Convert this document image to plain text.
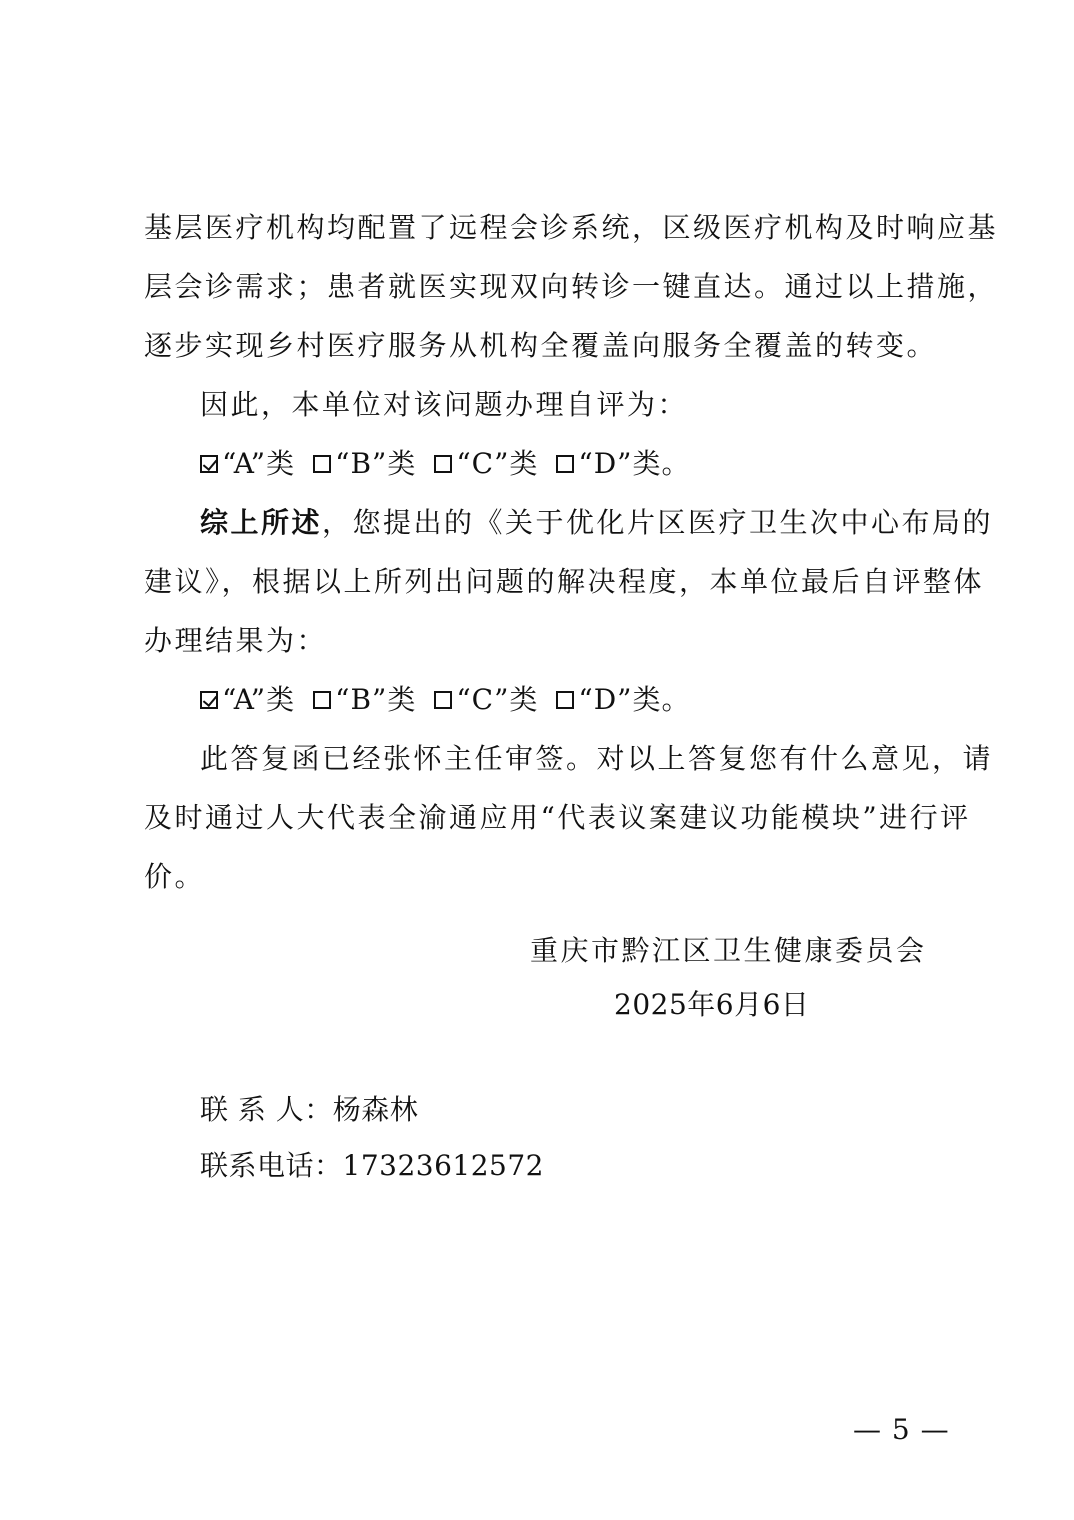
基层医疗机构均配置了远程会诊系统，区级医疗机构及时响应基
层会诊需求；患者就医实现双向转诊一键直达。通过以上措施，
逐步实现乡村医疗服务从机构全覆盖向服务全覆盖的转变。
因此，本单位对该问题办理自评为：
“A”类 “B”类 “C”类 “D”类。
综上所述，您提出的《关于优化片区医疗卫生次中心布局的
建议》，根据以上所列出问题的解决程度，本单位最后自评整体
办理结果为：
“A”类 “B”类 “C”类 “D”类。
此答复函已经张怀主任审签。对以上答复您有什么意见，请
及时通过人大代表全渝通应用“代表议案建议功能模块”进行评
价。
重庆市黔江区卫生健康委员会
2025年6月6日
联 系 人：杨森林
联系电话：17323612572
— 5 —
